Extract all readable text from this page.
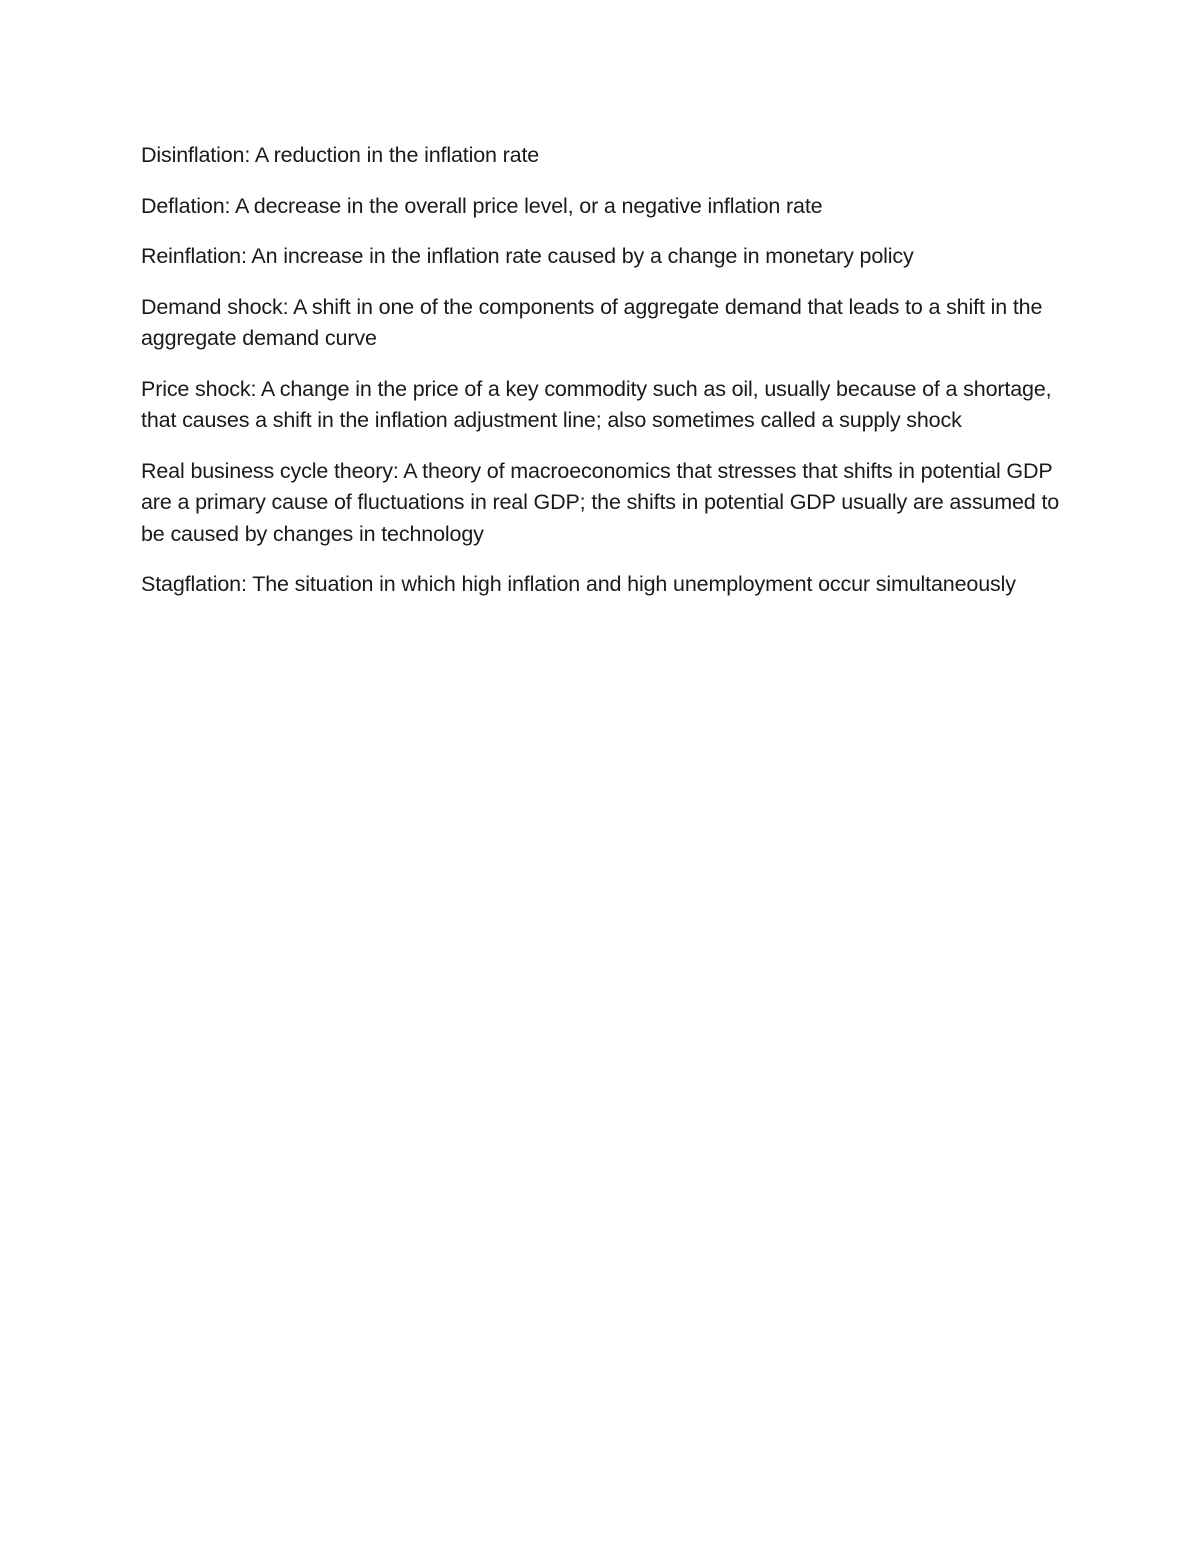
Disinflation: A reduction in the inflation rate

Deflation: A decrease in the overall price level, or a negative inflation rate

Reinflation: An increase in the inflation rate caused by a change in monetary policy

Demand shock: A shift in one of the components of aggregate demand that leads to a shift in the aggregate demand curve

Price shock: A change in the price of a key commodity such as oil, usually because of a shortage, that causes a shift in the inflation adjustment line; also sometimes called a supply shock

Real business cycle theory: A theory of macroeconomics that stresses that shifts in potential GDP are a primary cause of fluctuations in real GDP; the shifts in potential GDP usually are assumed to be caused by changes in technology

Stagflation: The situation in which high inflation and high unemployment occur simultaneously
